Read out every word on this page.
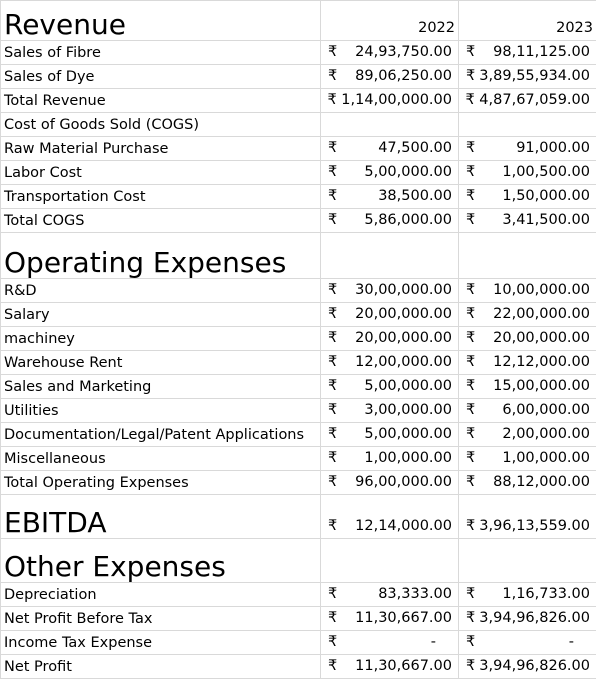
Revenue	2022	2023
Sales of Fibre	₹ 24,93,750.00	₹ 98,11,125.00

Sales of Dye	₹ 89,06,250.00	₹ 3,89,55,934.00

Total Revenue	₹ 1,14,00,000.00	₹ 4,87,67,059.00

Cost of Goods Sold (COGS)		
Raw Material Purchase	₹ 47,500.00	₹ 91,000.00

Labor Cost	₹ 5,00,000.00	₹ 1,00,500.00

Transportation Cost	₹ 38,500.00	₹ 1,50,000.00

Total COGS	₹ 5,86,000.00	₹ 3,41,500.00

Operating Expenses		
R&D	₹ 30,00,000.00	₹ 10,00,000.00

Salary	₹ 20,00,000.00	₹ 22,00,000.00

machiney	₹ 20,00,000.00	₹ 20,00,000.00

Warehouse Rent	₹ 12,00,000.00	₹ 12,12,000.00

Sales and Marketing	₹ 5,00,000.00	₹ 15,00,000.00

Utilities	₹ 3,00,000.00	₹ 6,00,000.00

Documentation/Legal/Patent Applications	₹ 5,00,000.00	₹ 2,00,000.00

Miscellaneous	₹ 1,00,000.00	₹ 1,00,000.00

Total Operating Expenses	₹ 96,00,000.00	₹ 88,12,000.00

EBITDA	₹ 12,14,000.00	₹ 3,96,13,559.00

Other Expenses		
Depreciation	₹ 83,333.00	₹ 1,16,733.00

Net Profit Before Tax	₹ 11,30,667.00	₹ 3,94,96,826.00

Income Tax Expense	₹ -	₹ -

Net Profit	₹ 11,30,667.00	₹ 3,94,96,826.00
